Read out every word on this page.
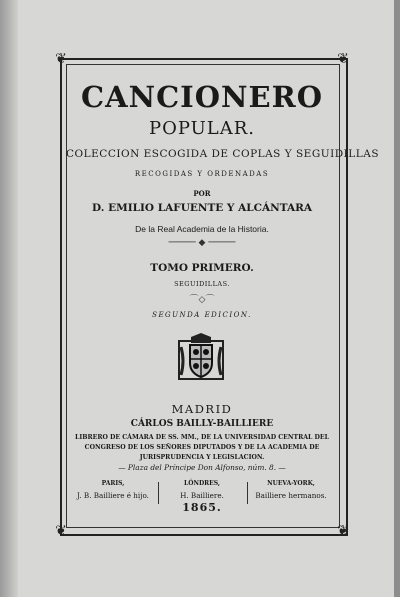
❦	❦
❦	❦
CANCIONERO
POPULAR.
COLECCION ESCOGIDA DE COPLAS Y SEGUIDILLAS
RECOGIDAS Y ORDENADAS
POR
D. EMILIO LAFUENTE Y ALCÁNTARA
De la Real Academia de la Historia.
───── ◆ ─────
TOMO PRIMERO.
SEGUIDILLAS.
⌒◇⌒
SEGUNDA EDICION.
MADRID
CÁRLOS BAILLY-BAILLIERE
LIBRERO DE CÁMARA DE SS. MM., DE LA UNIVERSIDAD CENTRAL DEL CONGRESO DE LOS SEÑORES DIPUTADOS Y DE LA ACADEMIA DE JURISPRUDENCIA Y LEGISLACION.
— Plaza del Príncipe Don Alfonso, núm. 8. —
PARIS,
J. B. Bailliere é hijo.
LÓNDRES,
H. Bailliere.
NUEVA-YORK,
Bailliere hermanos.
1865.
